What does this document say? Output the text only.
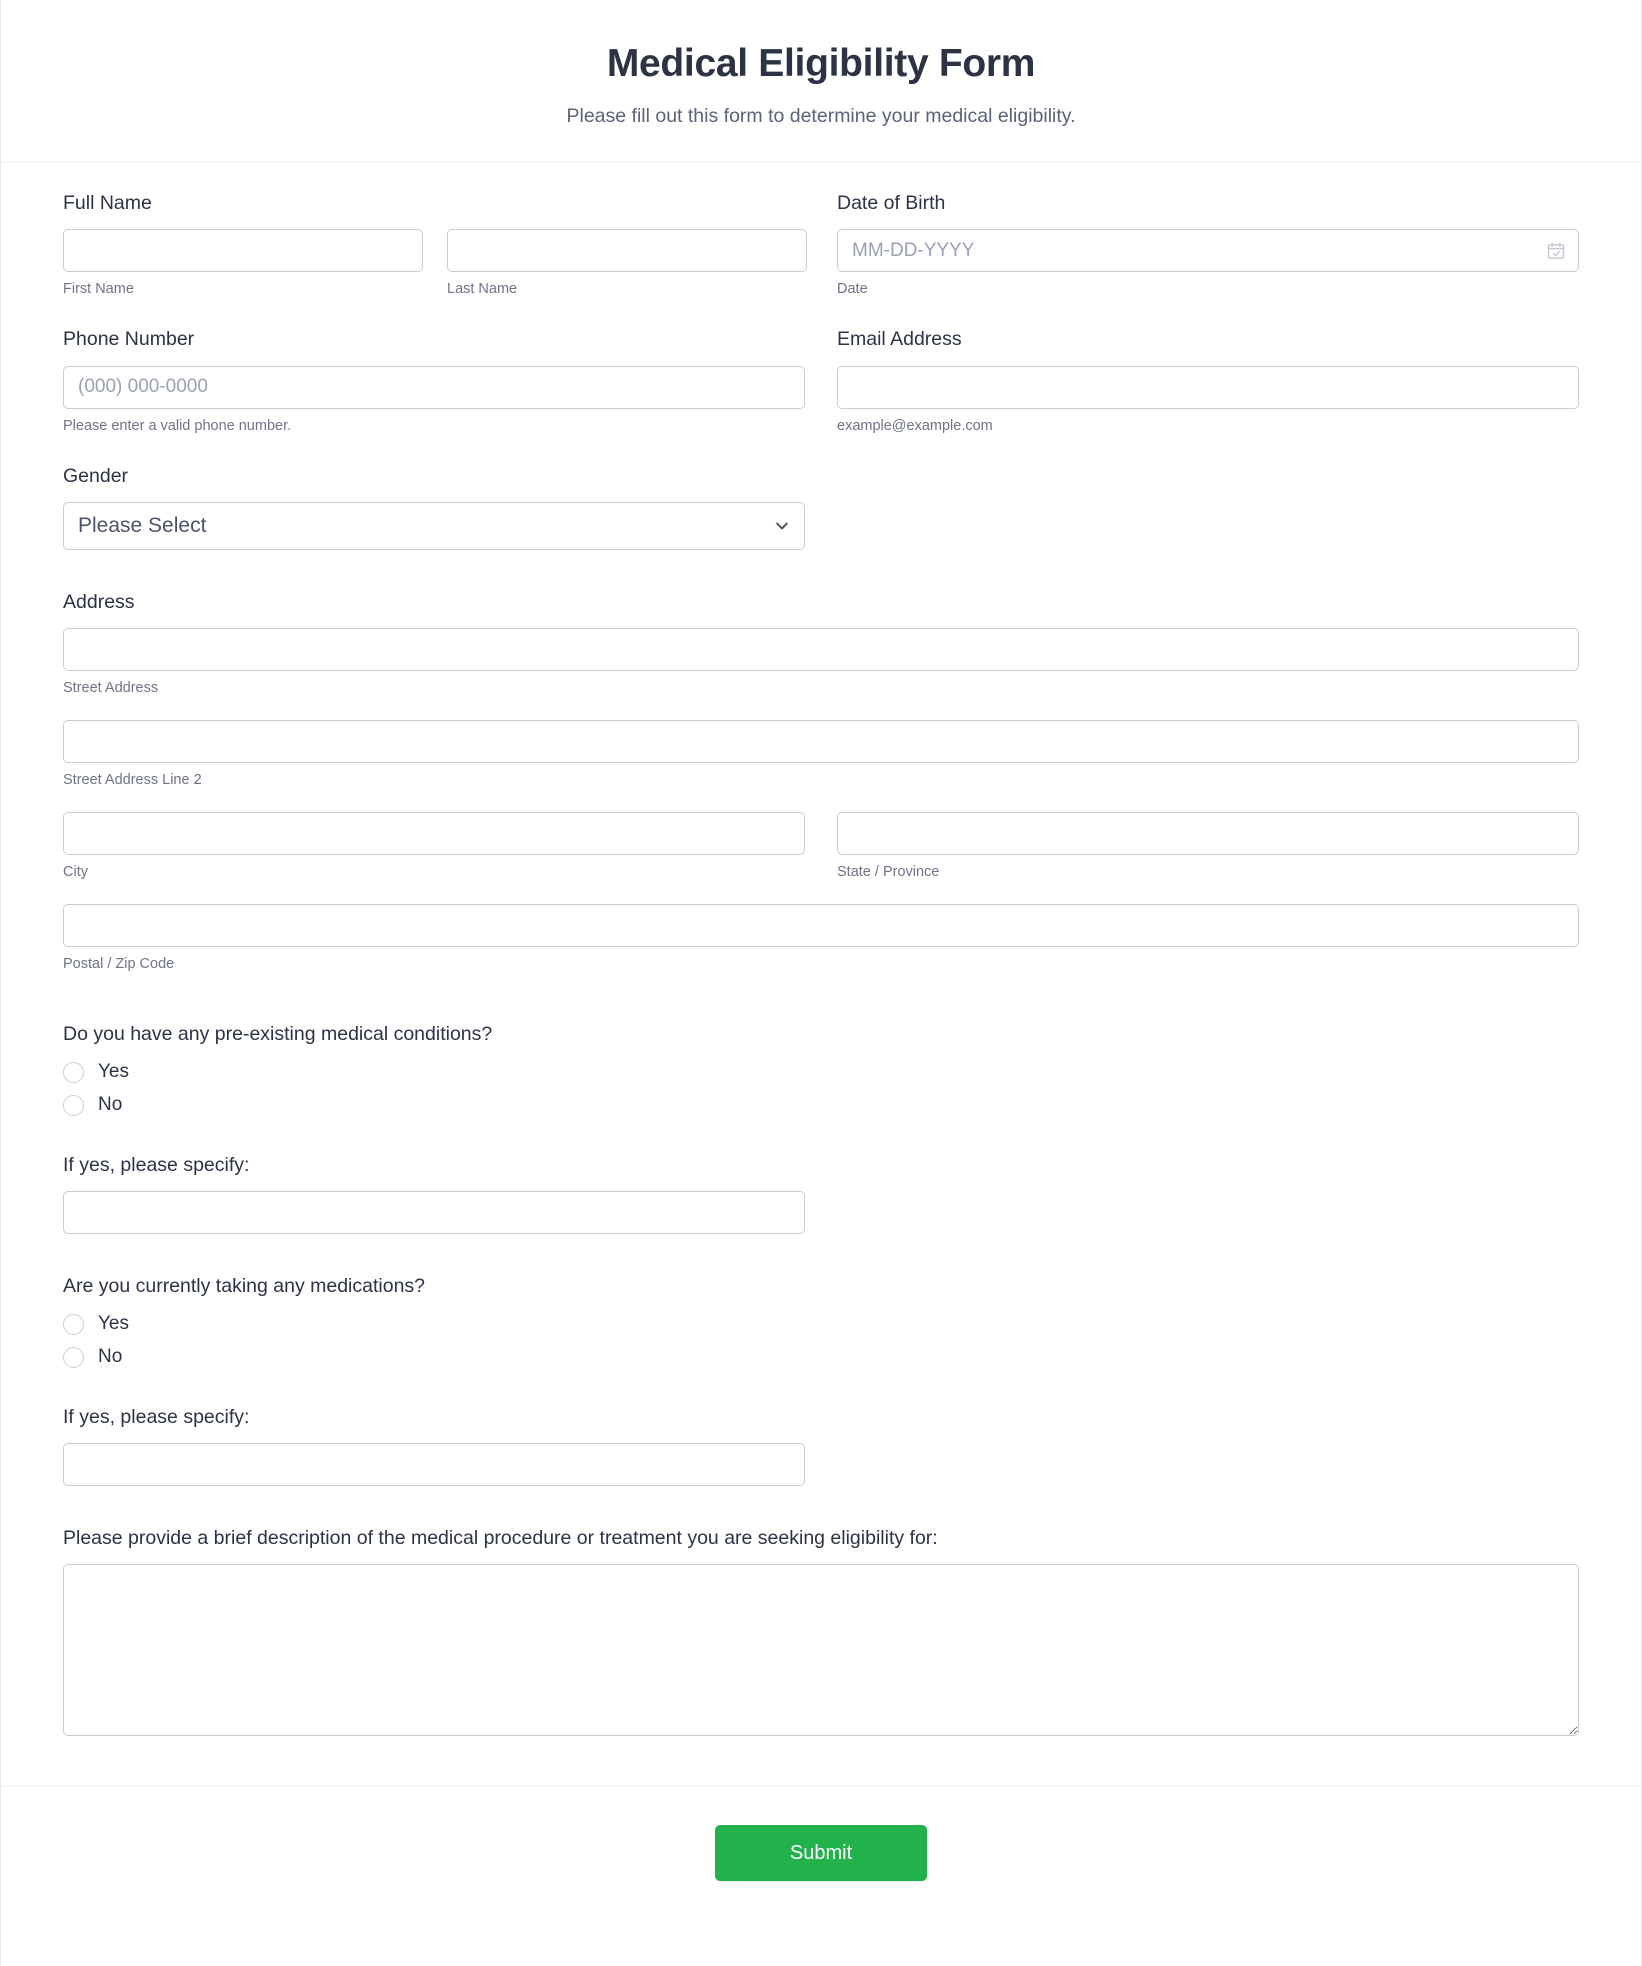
Medical Eligibility Form

Please fill out this form to determine your medical eligibility.

Full Name
First Name	Last Name
Date of Birth
MM-DD-YYYY
Date
Phone Number
(000) 000-0000
Please enter a valid phone number.
Email Address
example@example.com
Gender
Please Select
Address
Street Address
Street Address Line 2
City	State / Province
Postal / Zip Code
Do you have any pre-existing medical conditions?
Yes
No
If yes, please specify:
Are you currently taking any medications?
Yes
No
If yes, please specify:
Please provide a brief description of the medical procedure or treatment you are seeking eligibility for:
Submit
